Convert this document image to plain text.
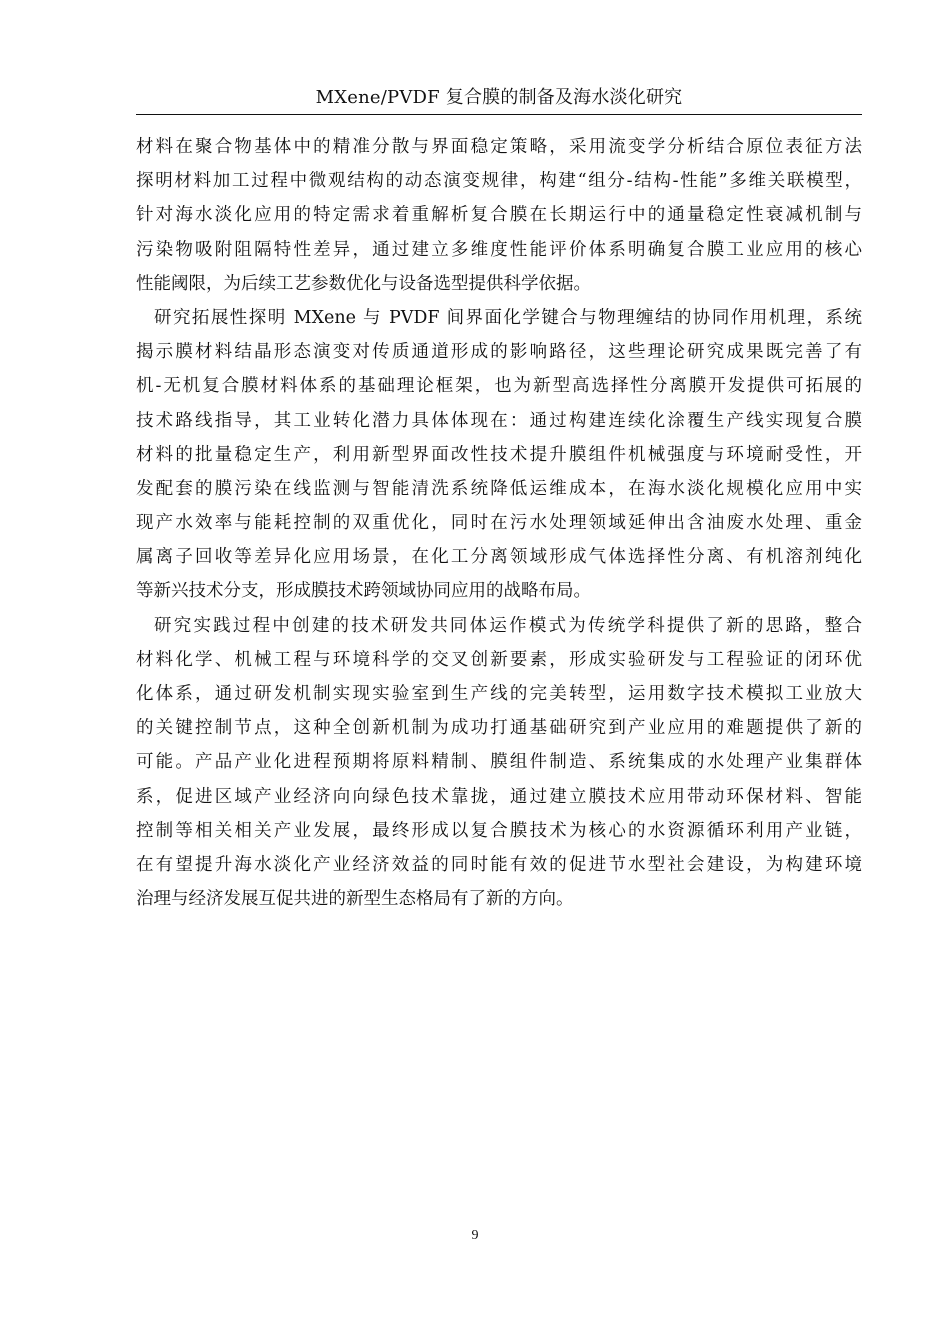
MXene/PVDF 复合膜的制备及海水淡化研究
材料在聚合物基体中的精准分散与界面稳定策略，采用流变学分析结合原位表征方法
探明材料加工过程中微观结构的动态演变规律，构建“组分-结构-性能”多维关联模型，
针对海水淡化应用的特定需求着重解析复合膜在长期运行中的通量稳定性衰减机制与
污染物吸附阻隔特性差异，通过建立多维度性能评价体系明确复合膜工业应用的核心
性能阈限，为后续工艺参数优化与设备选型提供科学依据。
研究拓展性探明 MXene 与 PVDF 间界面化学键合与物理缠结的协同作用机理，系统
揭示膜材料结晶形态演变对传质通道形成的影响路径，这些理论研究成果既完善了有
机-无机复合膜材料体系的基础理论框架，也为新型高选择性分离膜开发提供可拓展的
技术路线指导，其工业转化潜力具体体现在：通过构建连续化涂覆生产线实现复合膜
材料的批量稳定生产，利用新型界面改性技术提升膜组件机械强度与环境耐受性，开
发配套的膜污染在线监测与智能清洗系统降低运维成本，在海水淡化规模化应用中实
现产水效率与能耗控制的双重优化，同时在污水处理领域延伸出含油废水处理、重金
属离子回收等差异化应用场景，在化工分离领域形成气体选择性分离、有机溶剂纯化
等新兴技术分支，形成膜技术跨领域协同应用的战略布局。
研究实践过程中创建的技术研发共同体运作模式为传统学科提供了新的思路，整合
材料化学、机械工程与环境科学的交叉创新要素，形成实验研发与工程验证的闭环优
化体系，通过研发机制实现实验室到生产线的完美转型，运用数字技术模拟工业放大
的关键控制节点，这种全创新机制为成功打通基础研究到产业应用的难题提供了新的
可能。产品产业化进程预期将原料精制、膜组件制造、系统集成的水处理产业集群体
系，促进区域产业经济向向绿色技术靠拢，通过建立膜技术应用带动环保材料、智能
控制等相关相关产业发展，最终形成以复合膜技术为核心的水资源循环利用产业链，
在有望提升海水淡化产业经济效益的同时能有效的促进节水型社会建设，为构建环境
治理与经济发展互促共进的新型生态格局有了新的方向。
9
